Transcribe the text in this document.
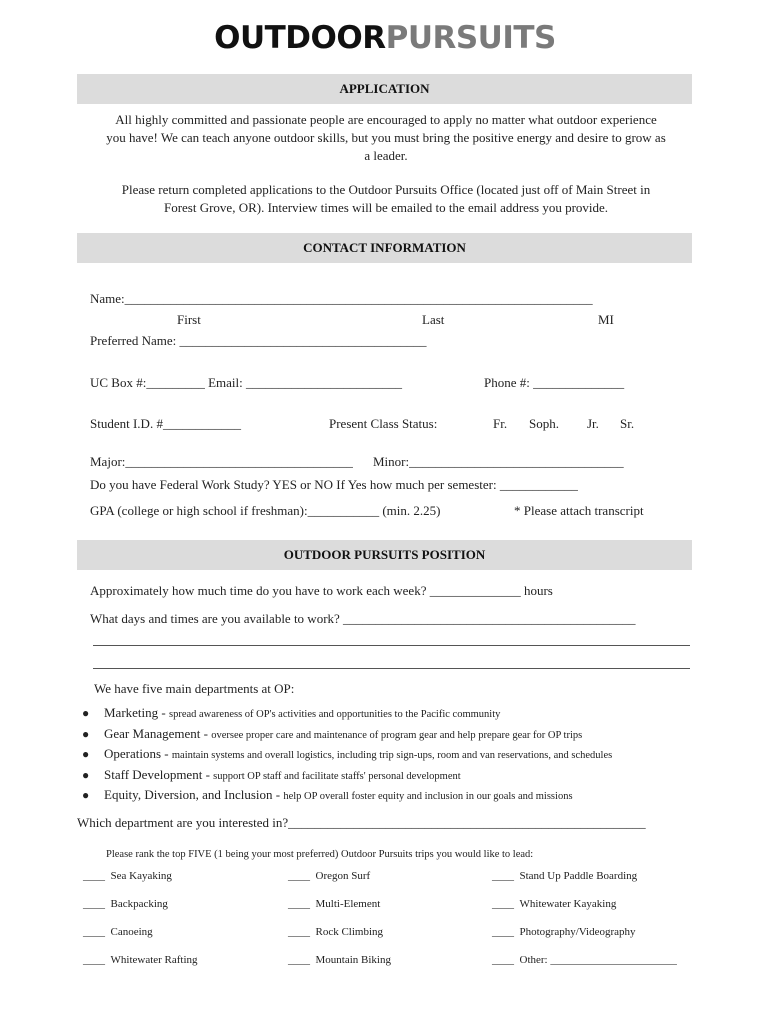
OUTDOORPURSUITS
APPLICATION
All highly committed and passionate people are encouraged to apply no matter what outdoor experience
you have! We can teach anyone outdoor skills, but you must bring the positive energy and desire to grow as
a leader.
Please return completed applications to the Outdoor Pursuits Office (located just off of Main Street in
Forest Grove, OR). Interview times will be emailed to the email address you provide.
CONTACT INFORMATION
Name:________________________________________________________________________
First	Last	MI
Preferred Name: ______________________________________
UC Box #:_________ Email: ________________________	Phone #: ______________
Student I.D. #____________	Present Class Status:	Fr. Soph. Jr. Sr.
Major:___________________________________ Minor:_________________________________
Do you have Federal Work Study? YES or NO If Yes how much per semester: ____________
GPA (college or high school if freshman):___________ (min. 2.25)	* Please attach transcript
OUTDOOR PURSUITS POSITION
Approximately how much time do you have to work each week? ______________ hours
What days and times are you available to work? _____________________________________________
We have five main departments at OP:
● Marketing - spread awareness of OP's activities and opportunities to the Pacific community
● Gear Management - oversee proper care and maintenance of program gear and help prepare gear for OP trips
● Operations - maintain systems and overall logistics, including trip sign-ups, room and van reservations, and schedules
● Staff Development - support OP staff and facilitate staffs' personal development
● Equity, Diversion, and Inclusion - help OP overall foster equity and inclusion in our goals and missions
Which department are you interested in?_______________________________________________________
Please rank the top FIVE (1 being your most preferred) Outdoor Pursuits trips you would like to lead:
____ Sea Kayaking
____ Backpacking
____ Canoeing
____ Whitewater Rafting
____ Oregon Surf
____ Multi-Element
____ Rock Climbing
____ Mountain Biking
____ Stand Up Paddle Boarding
____ Whitewater Kayaking
____ Photography/Videography
____ Other: _______________________
